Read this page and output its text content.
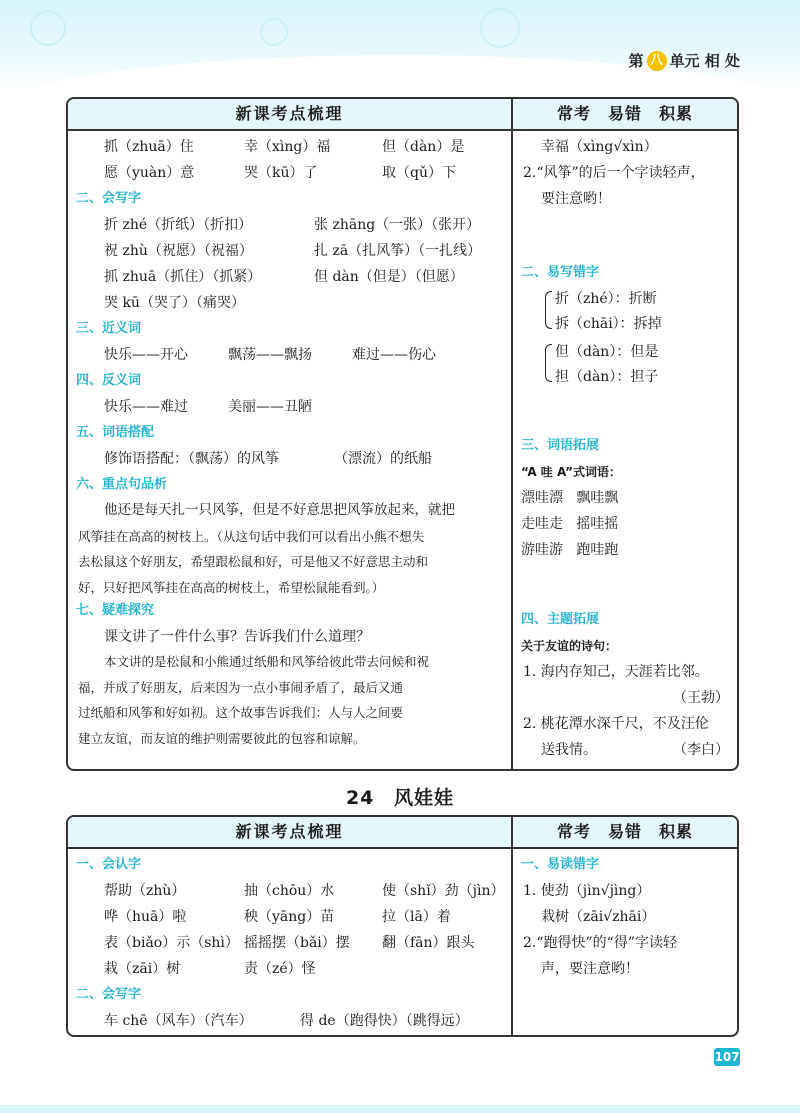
第 八 单元 相 处
新课考点梳理	常考　易错　积累
抓（zhuā）住	幸（xìng）福	但（dàn）是
愿（yuàn）意	哭（kū）了	取（qǔ）下
二、会写字
折 zhé（折纸）（折扣）	张 zhāng（一张）（张开）
祝 zhù（祝愿）（祝福）	扎 zā（扎风筝）（一扎线）
抓 zhuā（抓住）（抓紧）	但 dàn（但是）（但愿）
哭 kū（哭了）（痛哭）
三、近义词
快乐——开心	飘荡——飘扬	难过——伤心
四、反义词
快乐——难过	美丽——丑陋
五、词语搭配
修饰语搭配：（飘荡）的风筝	（漂流）的纸船
六、重点句品析
他还是每天扎一只风筝，但是不好意思把风筝放起来，就把
风筝挂在高高的树枝上。（从这句话中我们可以看出小熊不想失
去松鼠这个好朋友，希望跟松鼠和好，可是他又不好意思主动和
好，只好把风筝挂在高高的树枝上，希望松鼠能看到。）
七、疑难探究
课文讲了一件什么事？告诉我们什么道理？
本文讲的是松鼠和小熊通过纸船和风筝给彼此带去问候和祝
福，并成了好朋友，后来因为一点小事闹矛盾了，最后又通
过纸船和风筝和好如初。这个故事告诉我们：人与人之间要
建立友谊，而友谊的维护则需要彼此的包容和谅解。
幸福（xìng√xìn）
2.“风筝”的后一个字读轻声，
要注意哟！
二、易写错字
折（zhé）：折断
拆（chāi）：拆掉
但（dàn）：但是
担（dàn）：担子
三、词语拓展
“A 哇 A”式词语：
漂哇漂 飘哇飘
走哇走 摇哇摇
游哇游 跑哇跑
四、主题拓展
关于友谊的诗句：
1. 海内存知己，天涯若比邻。
（王勃）
2. 桃花潭水深千尺，不及汪伦
送我情。	（李白）
24 风娃娃
新课考点梳理	常考　易错　积累
一、会认字
帮助（zhù）	抽（chōu）水	使（shǐ）劲（jìn）
哗（huā）啦	秧（yāng）苗	拉（lā）着
表（biǎo）示（shì） 摇摇摆（bǎi）摆 翻（fān）跟头
栽（zāi）树	责（zé）怪
二、会写字
车 chē（风车）（汽车）	得 de（跑得快）（跳得远）
一、易读错字
1. 使劲（jìn√jìng）
栽树（zāi√zhāi）
2.“跑得快”的“得”字读轻
声，要注意哟！
107
